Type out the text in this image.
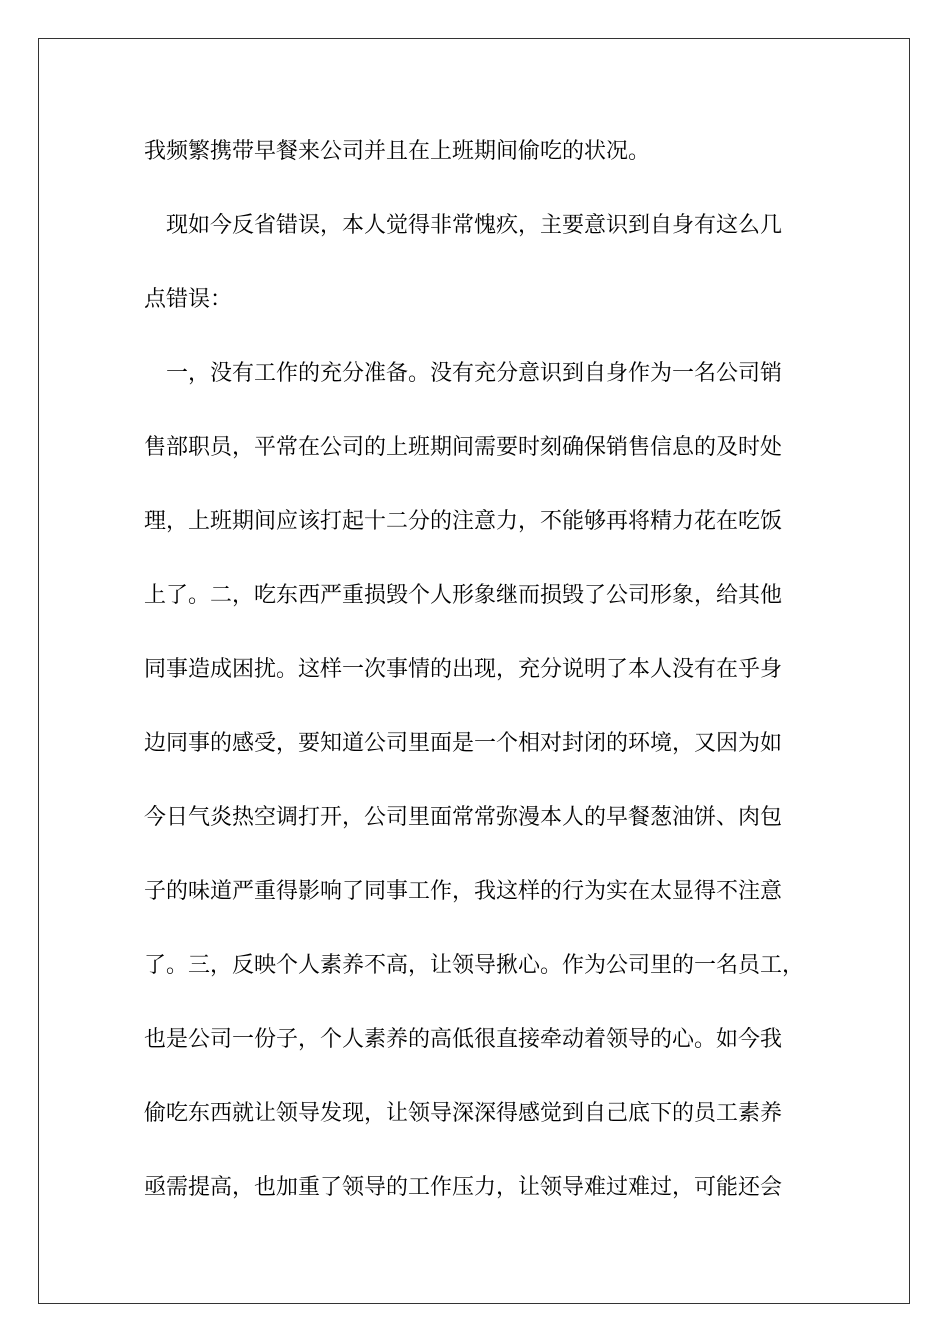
我频繁携带早餐来公司并且在上班期间偷吃的状况。
现如今反省错误，本人觉得非常愧疚，主要意识到自身有这么几
点错误：
一，没有工作的充分准备。没有充分意识到自身作为一名公司销
售部职员，平常在公司的上班期间需要时刻确保销售信息的及时处
理，上班期间应该打起十二分的注意力，不能够再将精力花在吃饭
上了。二，吃东西严重损毁个人形象继而损毁了公司形象，给其他
同事造成困扰。这样一次事情的出现，充分说明了本人没有在乎身
边同事的感受，要知道公司里面是一个相对封闭的环境，又因为如
今日气炎热空调打开，公司里面常常弥漫本人的早餐葱油饼、肉包
子的味道严重得影响了同事工作，我这样的行为实在太显得不注意
了。三，反映个人素养不高，让领导揪心。作为公司里的一名员工，
也是公司一份子，个人素养的高低很直接牵动着领导的心。如今我
偷吃东西就让领导发现，让领导深深得感觉到自己底下的员工素养
亟需提高，也加重了领导的工作压力，让领导难过难过，可能还会
